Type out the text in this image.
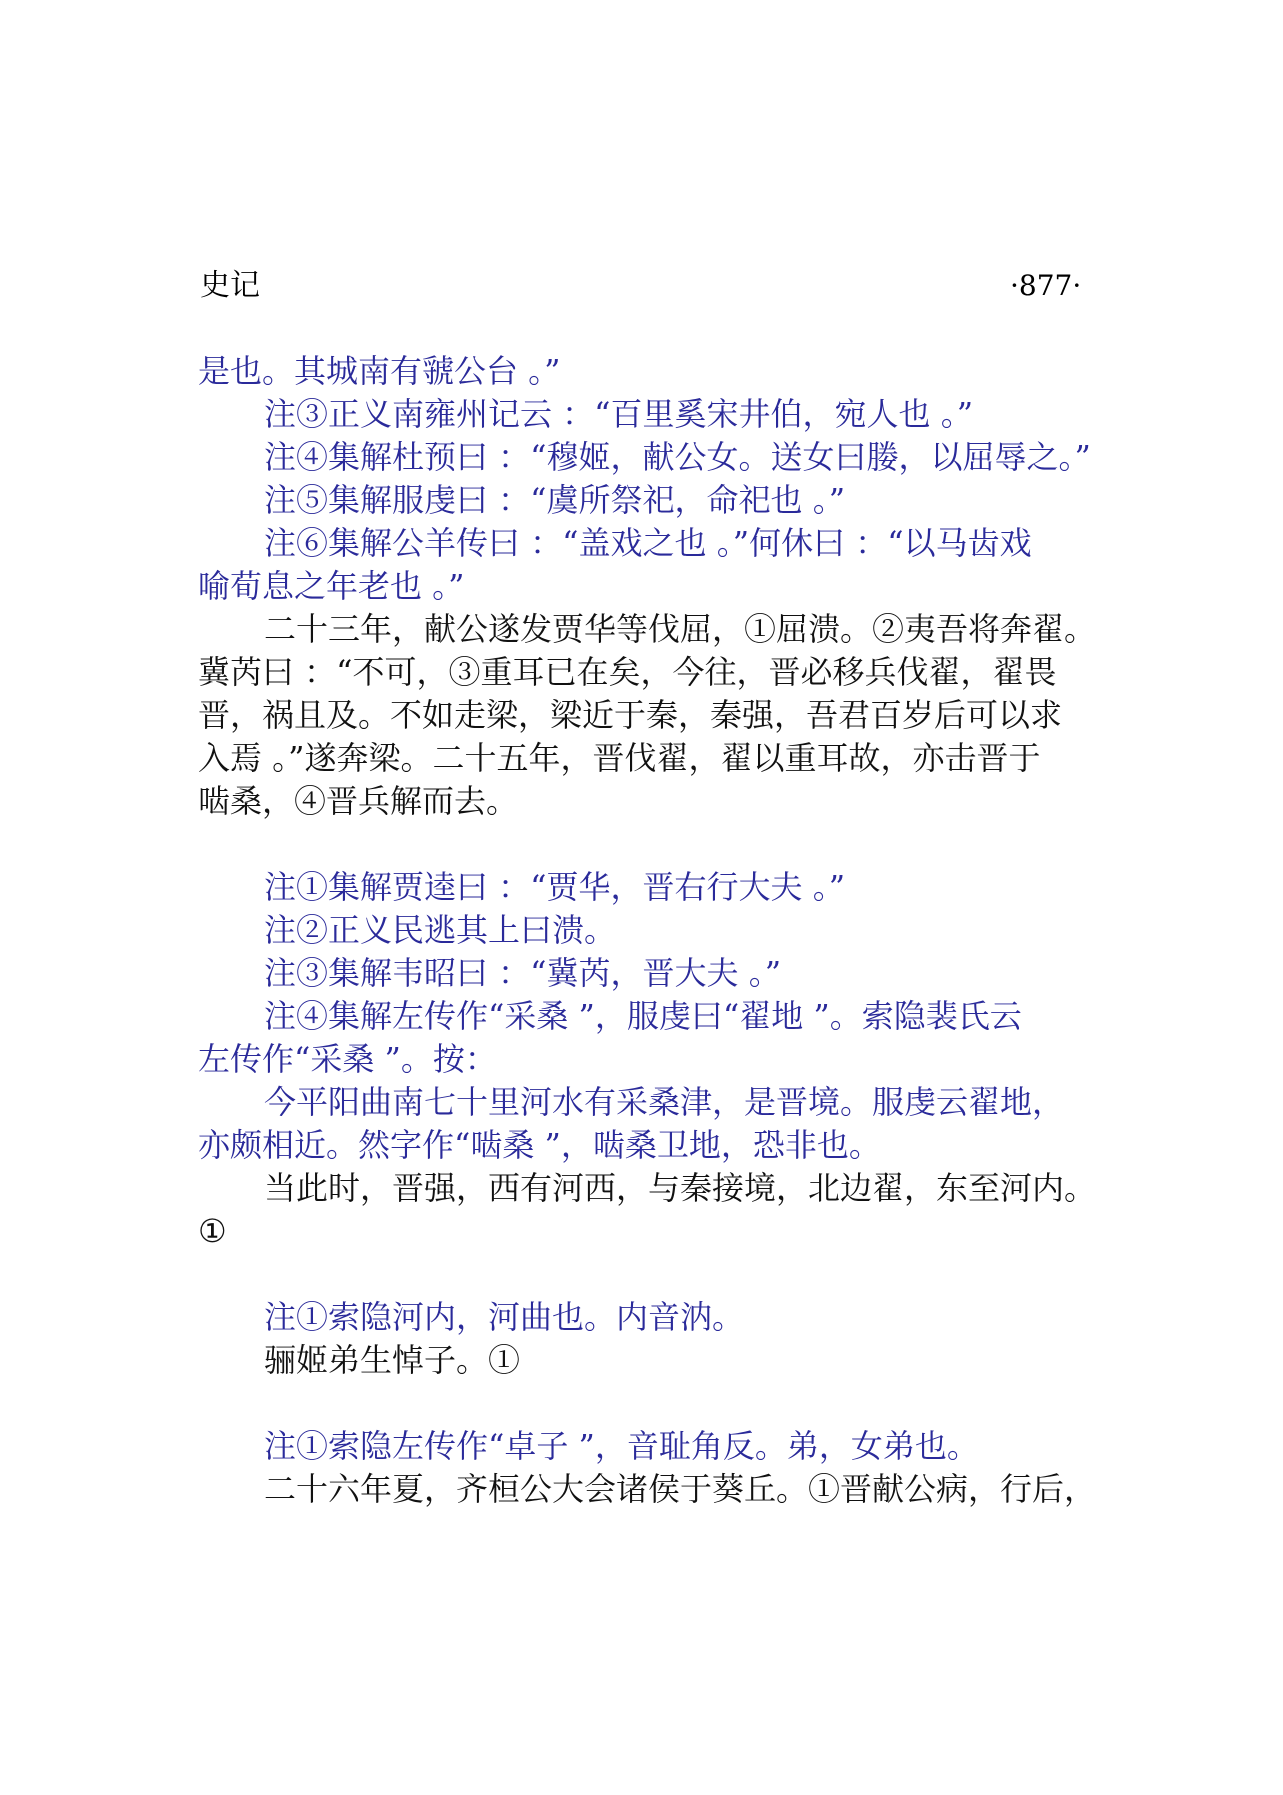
史记	·877·
是也。其城南有虢公台 。”
注③正义南雍州记云 ：“百里奚宋井伯，宛人也 。”
注④集解杜预曰 ：“穆姬，献公女。送女曰媵，以屈辱之。”
注⑤集解服虔曰 ：“虞所祭祀，命祀也 。”
注⑥集解公羊传曰 ：“盖戏之也 。”何休曰 ：“以马齿戏
喻荀息之年老也 。”
二十三年，献公遂发贾华等伐屈，①屈溃。②夷吾将奔翟。
冀芮曰 ：“不可，③重耳已在矣，今往，晋必移兵伐翟，翟畏
晋，祸且及。不如走梁，梁近于秦，秦强，吾君百岁后可以求
入焉 。”遂奔梁。二十五年，晋伐翟，翟以重耳故，亦击晋于
啮桑，④晋兵解而去。
注①集解贾逵曰 ：“贾华，晋右行大夫 。”
注②正义民逃其上曰溃。
注③集解韦昭曰 ：“冀芮，晋大夫 。”
注④集解左传作“采桑 ”，服虔曰“翟地 ”。索隐裴氏云
左传作“采桑 ”。按：
今平阳曲南七十里河水有采桑津，是晋境。服虔云翟地，
亦颇相近。然字作“啮桑 ”，啮桑卫地，恐非也。
当此时，晋强，西有河西，与秦接境，北边翟，东至河内。
①
注①索隐河内，河曲也。内音汭。
骊姬弟生悼子。①
注①索隐左传作“卓子 ”，音耻角反。弟，女弟也。
二十六年夏，齐桓公大会诸侯于葵丘。①晋献公病，行后，
